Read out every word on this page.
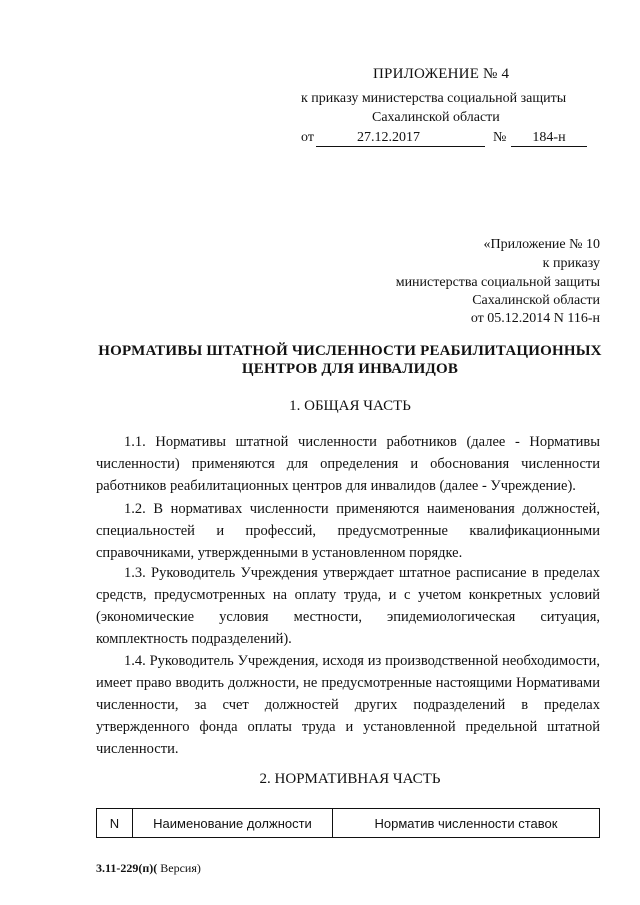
ПРИЛОЖЕНИЕ № 4
к приказу министерства социальной защиты
Сахалинской области
от	27.12.2017	№	184-н
«Приложение № 10
к приказу
министерства социальной защиты
Сахалинской области
от 05.12.2014 N 116-н
НОРМАТИВЫ ШТАТНОЙ ЧИСЛЕННОСТИ РЕАБИЛИТАЦИОННЫХ
ЦЕНТРОВ ДЛЯ ИНВАЛИДОВ
1. ОБЩАЯ ЧАСТЬ

1.1. Нормативы штатной численности работников (далее - Нормативы численности) применяются для определения и обоснования численности работников реабилитационных центров для инвалидов (далее - Учреждение).

1.2. В нормативах численности применяются наименования должностей, специальностей и профессий, предусмотренные квалификационными справочниками, утвержденными в установленном порядке.

1.3. Руководитель Учреждения утверждает штатное расписание в пределах средств, предусмотренных на оплату труда, и с учетом конкретных условий (экономические условия местности, эпидемиологическая ситуация, комплектность подразделений).

1.4. Руководитель Учреждения, исходя из производственной необходимости, имеет право вводить должности, не предусмотренные настоящими Нормативами численности, за счет должностей других подразделений в пределах утвержденного фонда оплаты труда и установленной предельной штатной численности.

2. НОРМАТИВНАЯ ЧАСТЬ
N	Наименование должности	Норматив численности ставок
3.11-229(п)( Версия)
